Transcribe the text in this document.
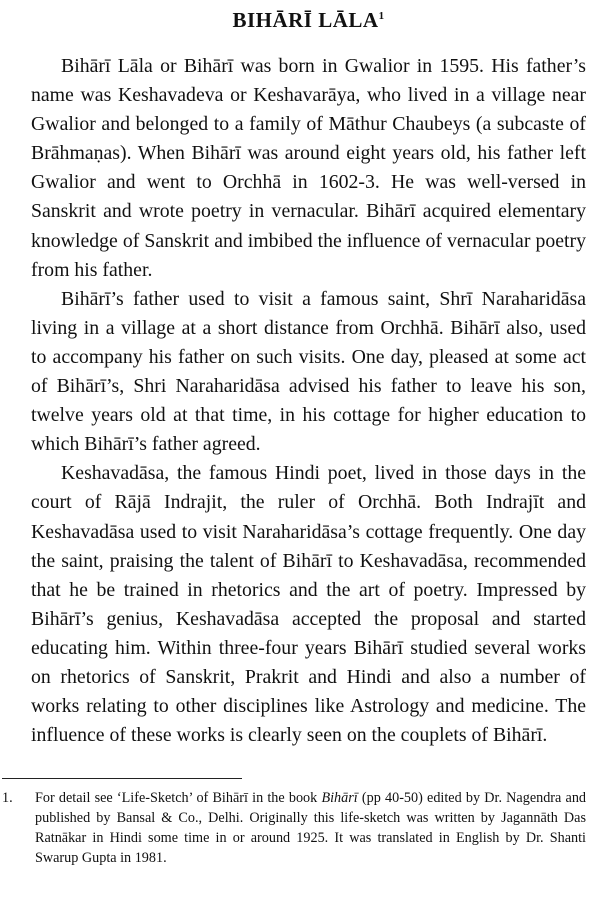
BIHĀRĪ LĀLA$^1$

Bihārī Lāla or Bihārī was born in Gwalior in 1595. His father’s name was Keshavadeva or Keshavarāya, who lived in a village near Gwalior and belonged to a family of Māthur Chaubeys (a subcaste of Brāhmaṇas). When Bihārī was around eight years old, his father left Gwalior and went to Orchhā in 1602-3. He was well-versed in Sanskrit and wrote poetry in vernacular. Bihārī acquired elementary knowledge of Sanskrit and imbibed the influence of vernacular poetry from his father.

Bihārī’s father used to visit a famous saint, Shrī Naraharidāsa living in a village at a short distance from Orchhā. Bihārī also, used to accompany his father on such visits. One day, pleased at some act of Bihārī’s, Shri Naraharidāsa advised his father to leave his son, twelve years old at that time, in his cottage for higher education to which Bihārī’s father agreed.

Keshavadāsa, the famous Hindi poet, lived in those days in the court of Rājā Indrajit, the ruler of Orchhā. Both Indrajīt and Keshavadāsa used to visit Naraharidāsa’s cottage frequently. One day the saint, praising the talent of Bihārī to Keshavadāsa, recommended that he be trained in rhetorics and the art of poetry. Impressed by Bihārī’s genius, Keshavadāsa accepted the proposal and started educating him. Within three-four years Bihārī studied several works on rhetorics of Sanskrit, Prakrit and Hindi and also a number of works relating to other disciplines like Astrology and medicine. The influence of these works is clearly seen on the couplets of Bihārī.

1. For detail see ‘Life-Sketch’ of Bihārī in the book Bihārī (pp 40-50) edited by Dr. Nagendra and published by Bansal & Co., Delhi. Originally this life-sketch was written by Jagannāth Das Ratnākar in Hindi some time in or around 1925. It was translated in English by Dr. Shanti Swarup Gupta in 1981.
